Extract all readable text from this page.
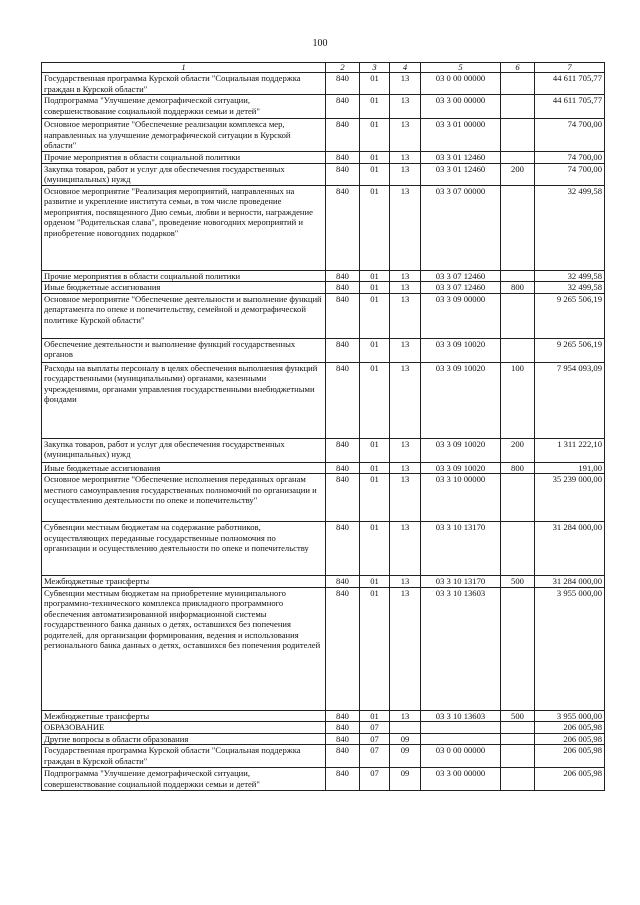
100
1	2	3	4	5	6	7
Государственная программа Курской области "Социальная поддержка граждан в Курской области"	840	01	13	03 0 00 00000		44 611 705,77
Подпрограмма "Улучшение демографической ситуации, совершенствование социальной поддержки семьи и детей"	840	01	13	03 3 00 00000		44 611 705,77
Основное мероприятие "Обеспечение реализации комплекса мер, направленных на улучшение демографической ситуации в Курской области"	840	01	13	03 3 01 00000		74 700,00
Прочие мероприятия в области социальной политики	840	01	13	03 3 01 12460		74 700,00
Закупка товаров, работ и услуг для обеспечения государственных (муниципальных) нужд	840	01	13	03 3 01 12460	200	74 700,00
Основное мероприятие "Реализация мероприятий, направленных на развитие и укрепление института семьи, в том числе проведение мероприятия, посвященного Дню семьи, любви и верности, награждение орденом "Родительская слава", проведение новогодних мероприятий и приобретение новогодних подарков"	840	01	13	03 3 07 00000		32 499,58
Прочие мероприятия в области социальной политики	840	01	13	03 3 07 12460		32 499,58
Иные бюджетные ассигнования	840	01	13	03 3 07 12460	800	32 499,58
Основное мероприятие "Обеспечение деятельности и выполнение функций департамента по опеке и попечительству, семейной и демографической политике Курской области"	840	01	13	03 3 09 00000		9 265 506,19
Обеспечение деятельности и выполнение функций государственных органов	840	01	13	03 3 09 10020		9 265 506,19
Расходы на выплаты персоналу в целях обеспечения выполнения функций государственными (муниципальными) органами, казенными учреждениями, органами управления государственными внебюджетными фондами	840	01	13	03 3 09 10020	100	7 954 093,09
Закупка товаров, работ и услуг для обеспечения государственных (муниципальных) нужд	840	01	13	03 3 09 10020	200	1 311 222,10
Иные бюджетные ассигнования	840	01	13	03 3 09 10020	800	191,00
Основное мероприятие "Обеспечение исполнения переданных органам местного самоуправления государственных полномочий по организации и осуществлению деятельности по опеке и попечительству"	840	01	13	03 3 10 00000		35 239 000,00
Субвенции местным бюджетам на содержание работников, осуществляющих переданные государственные полномочия по организации и осуществлению деятельности по опеке и попечительству	840	01	13	03 3 10 13170		31 284 000,00
Межбюджетные трансферты	840	01	13	03 3 10 13170	500	31 284 000,00
Субвенции местным бюджетам на приобретение муниципального программно-технического комплекса прикладного программного обеспечения автоматизированной информационной системы государственного банка данных о детях, оставшихся без попечения родителей, для организации формирования, ведения и использования регионального банка данных о детях, оставшихся без попечения родителей	840	01	13	03 3 10 13603		3 955 000,00
Межбюджетные трансферты	840	01	13	03 3 10 13603	500	3 955 000,00
ОБРАЗОВАНИЕ	840	07				206 005,98
Другие вопросы в области образования	840	07	09			206 005,98
Государственная программа Курской области "Социальная поддержка граждан в Курской области"	840	07	09	03 0 00 00000		206 005,98
Подпрограмма "Улучшение демографической ситуации, совершенствование социальной поддержки семьи и детей"	840	07	09	03 3 00 00000		206 005,98
